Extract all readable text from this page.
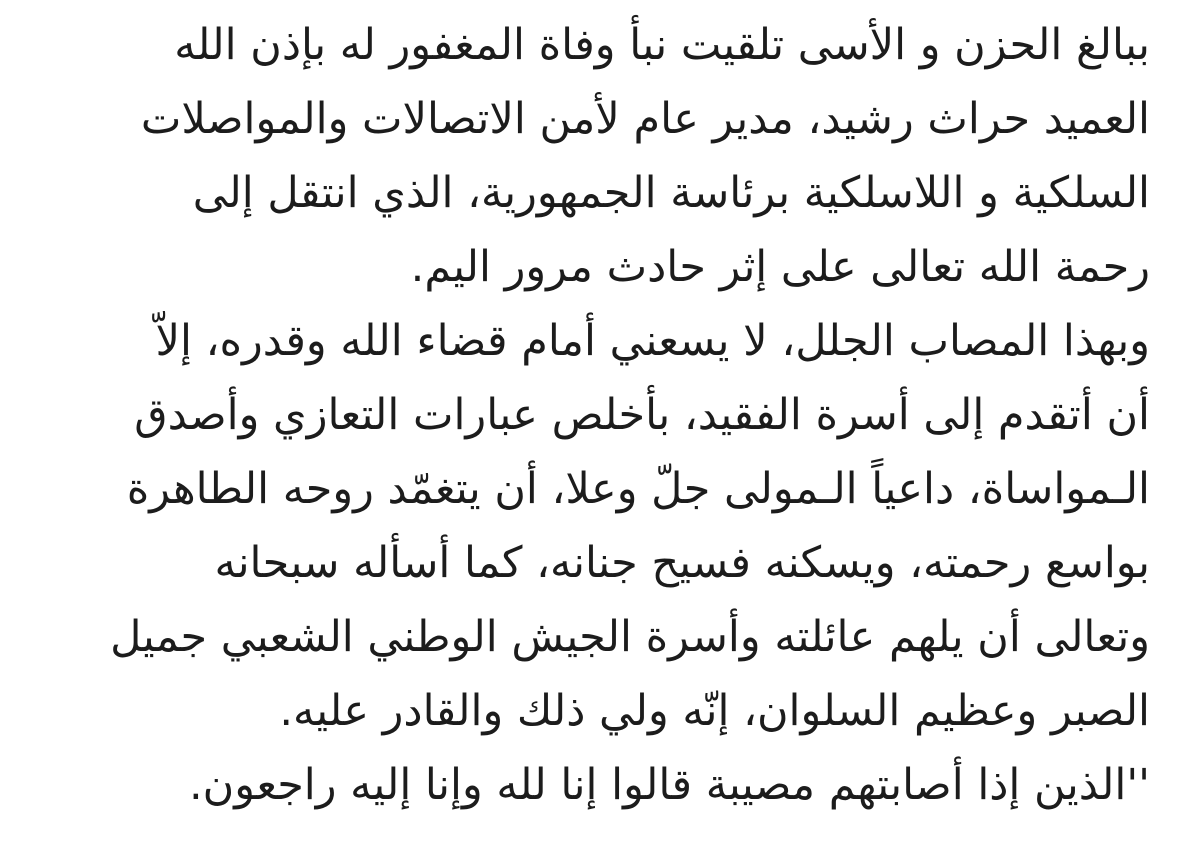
ببالغ الحزن و الأسى تلقيت نبأ وفاة المغفور له بإذن الله
العميد حراث رشيد، مدير عام لأمن الاتصالات والمواصلات
السلكية و اللاسلكية برئاسة الجمهورية، الذي انتقل إلى
رحمة الله تعالى على إثر حادث مرور اليم.
وبهذا المصاب الجلل، لا يسعني أمام قضاء الله وقدره، إلاّ
أن أتقدم إلى أسرة الفقيد، بأخلص عبارات التعازي وأصدق
الـمواساة، داعياً الـمولى جلّ وعلا، أن يتغمّد روحه الطاهرة
بواسع رحمته، ويسكنه فسيح جنانه، كما أسأله سبحانه
وتعالى أن يلهم عائلته وأسرة الجيش الوطني الشعبي جميل
الصبر وعظيم السلوان، إنّه ولي ذلك والقادر عليه.
''الذين إذا أصابتهم مصيبة قالوا إنا لله وإنا إليه راجعون.
